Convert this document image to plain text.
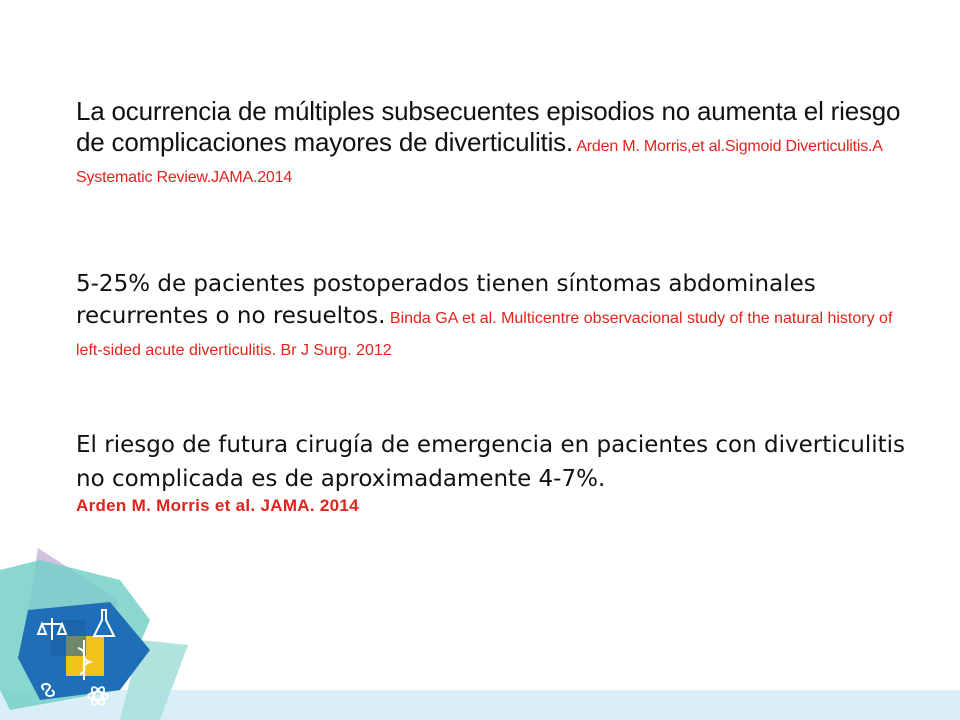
La ocurrencia de múltiples subsecuentes episodios no aumenta el riesgo de complicaciones mayores de diverticulitis. Arden M. Morris,et al.Sigmoid Diverticulitis.A Systematic Review.JAMA.2014

5-25% de pacientes postoperados tienen síntomas abdominales recurrentes o no resueltos. Binda GA et al. Multicentre observacional study of the natural history of left-sided acute diverticulitis. Br J Surg. 2012

El riesgo de futura cirugía de emergencia en pacientes con diverticulitis no complicada es de aproximadamente 4-7%.
Arden M. Morris et al. JAMA. 2014
